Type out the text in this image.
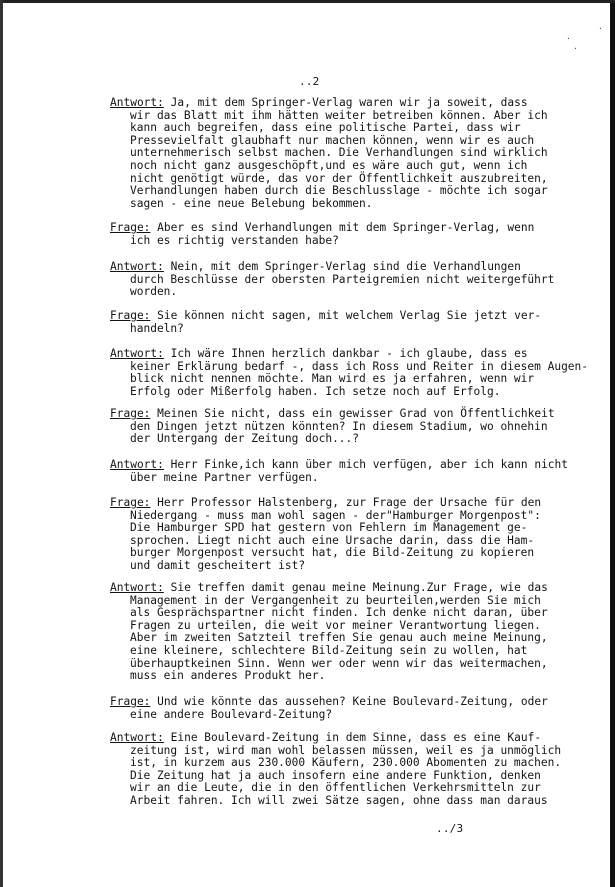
·
·
·
..2
Antwort: Ja, mit dem Springer-Verlag waren wir ja soweit, dass
wir das Blatt mit ihm hätten weiter betreiben können. Aber ich
kann auch begreifen, dass eine politische Partei, dass wir
Pressevielfalt glaubhaft nur machen können, wenn wir es auch
unternehmerisch selbst machen. Die Verhandlungen sind wirklich
noch nicht ganz ausgeschöpft,und es wäre auch gut, wenn ich
nicht genötigt würde, das vor der Öffentlichkeit auszubreiten,
Verhandlungen haben durch die Beschlusslage - möchte ich sogar
sagen - eine neue Belebung bekommen.
Frage: Aber es sind Verhandlungen mit dem Springer-Verlag, wenn
ich es richtig verstanden habe?
Antwort: Nein, mit dem Springer-Verlag sind die Verhandlungen
durch Beschlüsse der obersten Parteigremien nicht weitergeführt
worden.
Frage: Sie können nicht sagen, mit welchem Verlag Sie jetzt ver-
handeln?
Antwort: Ich wäre Ihnen herzlich dankbar - ich glaube, dass es
keiner Erklärung bedarf -, dass ich Ross und Reiter in diesem Augen-
blick nicht nennen möchte. Man wird es ja erfahren, wenn wir
Erfolg oder Mißerfolg haben. Ich setze noch auf Erfolg.
Frage: Meinen Sie nicht, dass ein gewisser Grad von Öffentlichkeit
den Dingen jetzt nützen könnten? In diesem Stadium, wo ohnehin
der Untergang der Zeitung doch...?
Antwort: Herr Finke,ich kann über mich verfügen, aber ich kann nicht
über meine Partner verfügen.
Frage: Herr Professor Halstenberg, zur Frage der Ursache für den
Niedergang - muss man wohl sagen - der"Hamburger Morgenpost":
Die Hamburger SPD hat gestern von Fehlern im Management ge-
sprochen. Liegt nicht auch eine Ursache darin, dass die Ham-
burger Morgenpost versucht hat, die Bild-Zeitung zu kopieren
und damit gescheitert ist?
Antwort: Sie treffen damit genau meine Meinung.Zur Frage, wie das
Management in der Vergangenheit zu beurteilen,werden Sie mich
als Gesprächspartner nicht finden. Ich denke nicht daran, über
Fragen zu urteilen, die weit vor meiner Verantwortung liegen.
Aber im zweiten Satzteil treffen Sie genau auch meine Meinung,
eine kleinere, schlechtere Bild-Zeitung sein zu wollen, hat
überhauptkeinen Sinn. Wenn wer oder wenn wir das weitermachen,
muss ein anderes Produkt her.
Frage: Und wie könnte das aussehen? Keine Boulevard-Zeitung, oder
eine andere Boulevard-Zeitung?
Antwort: Eine Boulevard-Zeitung in dem Sinne, dass es eine Kauf-
zeitung ist, wird man wohl belassen müssen, weil es ja unmöglich
ist, in kurzem aus 230.000 Käufern, 230.000 Abomenten zu machen.
Die Zeitung hat ja auch insofern eine andere Funktion, denken
wir an die Leute, die in den öffentlichen Verkehrsmitteln zur
Arbeit fahren. Ich will zwei Sätze sagen, ohne dass man daraus
../3
